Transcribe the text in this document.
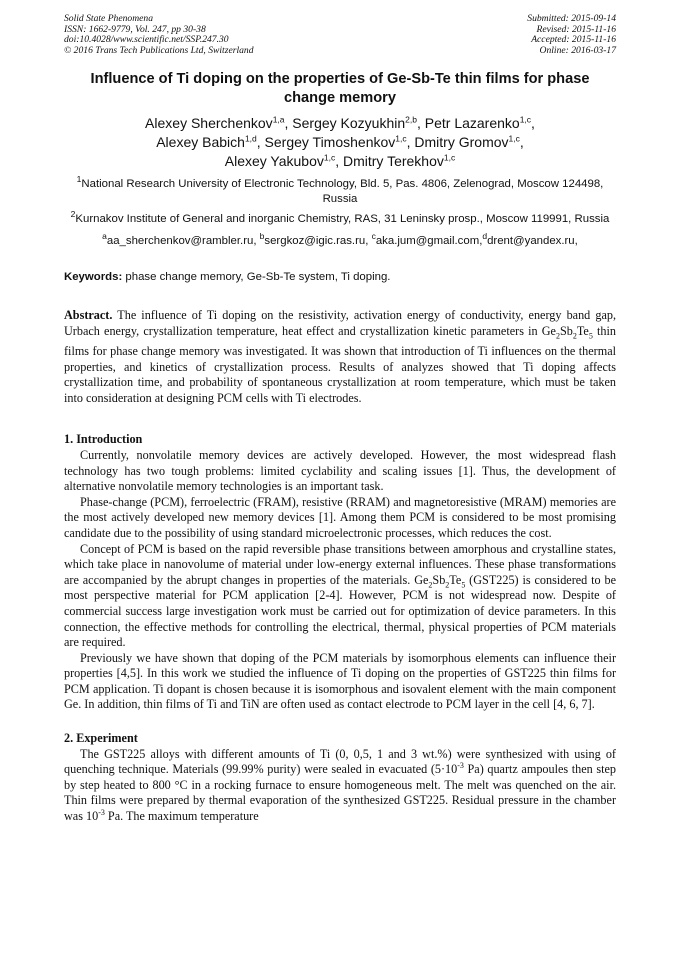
Solid State Phenomena
ISSN: 1662-9779, Vol. 247, pp 30-38
doi:10.4028/www.scientific.net/SSP.247.30
© 2016 Trans Tech Publications Ltd, Switzerland
Submitted: 2015-09-14
Revised: 2015-11-16
Accepted: 2015-11-16
Online: 2016-03-17
Influence of Ti doping on the properties of Ge-Sb-Te thin films for phase change memory
Alexey Sherchenkov$^{1,a}$, Sergey Kozyukhin$^{2,b}$, Petr Lazarenko$^{1,c}$,
Alexey Babich$^{1,d}$, Sergey Timoshenkov$^{1,c}$, Dmitry Gromov$^{1,c}$,
Alexey Yakubov$^{1,c}$, Dmitry Terekhov$^{1,c}$
$^1$National Research University of Electronic Technology, Bld. 5, Pas. 4806, Zelenograd, Moscow 124498, Russia
$^2$Kurnakov Institute of General and inorganic Chemistry, RAS, 31 Leninsky prosp., Moscow 119991, Russia
$^a$aa_sherchenkov@rambler.ru, $^b$sergkoz@igic.ras.ru, $^c$aka.jum@gmail.com,$^d$drent@yandex.ru,
Keywords: phase change memory, Ge-Sb-Te system, Ti doping.
Abstract. The influence of Ti doping on the resistivity, activation energy of conductivity, energy band gap, Urbach energy, crystallization temperature, heat effect and crystallization kinetic parameters in $Ge_2Sb_2Te_5$ thin films for phase change memory was investigated. It was shown that introduction of Ti influences on the thermal properties, and kinetics of crystallization process. Results of analyzes showed that Ti doping affects crystallization time, and probability of spontaneous crystallization at room temperature, which must be taken into consideration at designing PCM cells with Ti electrodes.
1. Introduction

Currently, nonvolatile memory devices are actively developed. However, the most widespread flash technology has two tough problems: limited cyclability and scaling issues [1]. Thus, the development of alternative nonvolatile memory technologies is an important task.

Phase-change (PCM), ferroelectric (FRAM), resistive (RRAM) and magnetoresistive (MRAM) memories are the most actively developed new memory devices [1]. Among them PCM is considered to be most promising candidate due to the possibility of using standard microelectronic processes, which reduces the cost.

Concept of PCM is based on the rapid reversible phase transitions between amorphous and crystalline states, which take place in nanovolume of material under low-energy external influences. These phase transformations are accompanied by the abrupt changes in properties of the materials. $Ge_2Sb_2Te_5$ (GST225) is considered to be most perspective material for PCM application [2-4]. However, PCM is not widespread now. Despite of commercial success large investigation work must be carried out for optimization of device parameters. In this connection, the effective methods for controlling the electrical, thermal, physical properties of PCM materials are required.

Previously we have shown that doping of the PCM materials by isomorphous elements can influence their properties [4,5]. In this work we studied the influence of Ti doping on the properties of GST225 thin films for PCM application. Ti dopant is chosen because it is isomorphous and isovalent element with the main component Ge. In addition, thin films of Ti and TiN are often used as contact electrode to PCM layer in the cell [4, 6, 7].

2. Experiment

The GST225 alloys with different amounts of Ti (0, 0,5, 1 and 3 wt.%) were synthesized with using of quenching technique. Materials (99.99% purity) were sealed in evacuated ($5\cdot 10^{-3}$ Pa) quartz ampoules then step by step heated to 800 °C in a rocking furnace to ensure homogeneous melt. The melt was quenched on the air. Thin films were prepared by thermal evaporation of the synthesized GST225. Residual pressure in the chamber was $10^{-3}$ Pa. The maximum temperature
